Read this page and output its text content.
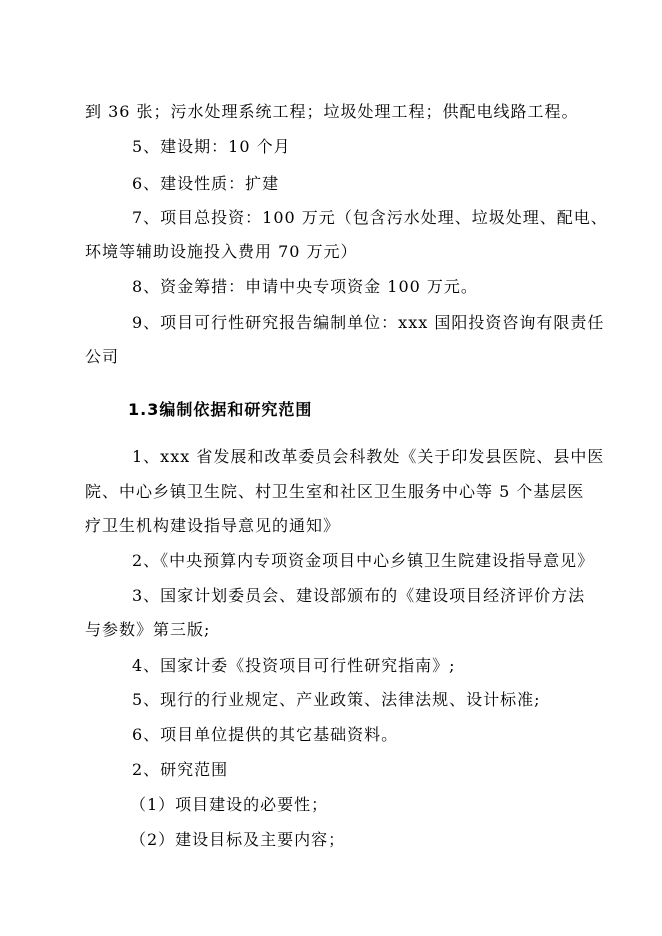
到 36 张；污水处理系统工程；垃圾处理工程；供配电线路工程。
5、建设期：10 个月
6、建设性质：扩建
7、项目总投资：100 万元（包含污水处理、垃圾处理、配电、
环境等辅助设施投入费用 70 万元）
8、资金筹措：申请中央专项资金 100 万元。
9、项目可行性研究报告编制单位：xxx 国阳投资咨询有限责任
公司
1.3编制依据和研究范围
1、xxx 省发展和改革委员会科教处《关于印发县医院、县中医
院、中心乡镇卫生院、村卫生室和社区卫生服务中心等 5 个基层医
疗卫生机构建设指导意见的通知》
2、《中央预算内专项资金项目中心乡镇卫生院建设指导意见》
3、国家计划委员会、建设部颁布的《建设项目经济评价方法
与参数》第三版;
4、国家计委《投资项目可行性研究指南》;
5、现行的行业规定、产业政策、法律法规、设计标准;
6、项目单位提供的其它基础资料。
2、研究范围
（1）项目建设的必要性；
（2）建设目标及主要内容；
